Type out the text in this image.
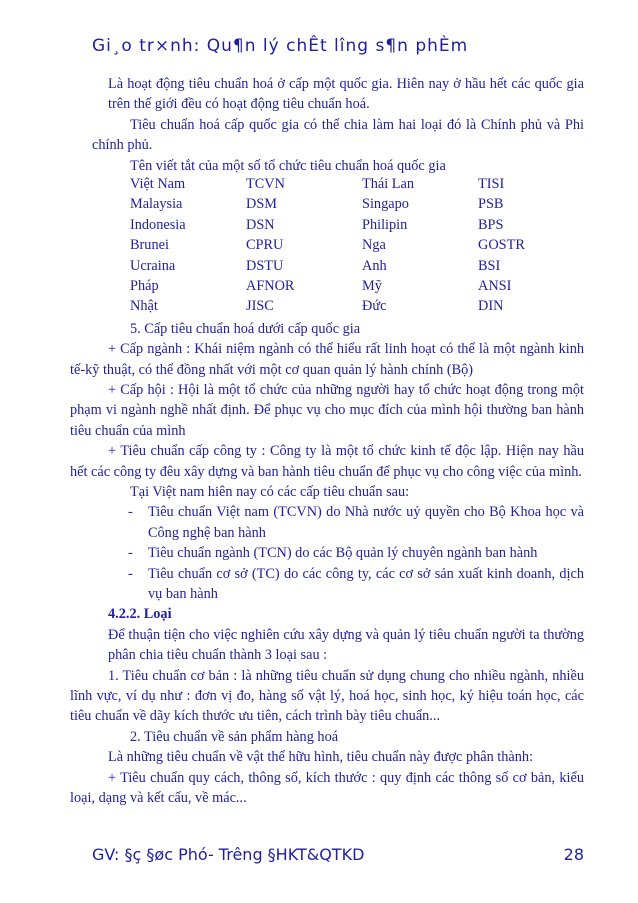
Gi¸o tr×nh: Qu¶n lý chÊt lîng s¶n phÈm

Là hoạt động tiêu chuẩn hoá ở cấp một quốc gia. Hiên nay ở hầu hết các quốc gia trên thế giới đều có hoạt động tiêu chuẩn hoá.

Tiêu chuẩn hoá cấp quốc gia có thể chia làm hai loại đó là Chính phủ và Phi chính phủ.

Tên viết tắt của một số tổ chức tiêu chuẩn hoá quốc gia

Việt Nam	TCVN	Thái Lan	TISI
Malaysia	DSM	Singapo	PSB
Indonesia	DSN	Philipin	BPS
Brunei	CPRU	Nga	GOSTR
Ucraina	DSTU	Anh	BSI
Pháp	AFNOR	Mỹ	ANSI
Nhật	JISC	Đức	DIN

5. Cấp tiêu chuẩn hoá dưới cấp quốc gia

+ Cấp ngành : Khái niệm ngành có thể hiểu rất linh hoạt có thể là một ngành kinh tế-kỹ thuật, có thể đồng nhất với một cơ quan quản lý hành chính (Bộ)

+ Cấp hội : Hội là một tổ chức của những người hay tổ chức hoạt động trong một phạm vi ngành nghề nhất định. Để phục vụ cho mục đích của mình hội thường ban hành tiêu chuẩn của mình

+ Tiêu chuẩn cấp công ty : Công ty là một tổ chức kinh tế độc lập. Hiện nay hầu hết các công ty đêu xây dựng và ban hành tiêu chuẩn để phục vụ cho công việc của mình.

Tại Việt nam hiên nay có các cấp tiêu chuẩn sau:

- Tiêu chuẩn Việt nam (TCVN) do Nhà nước uỷ quyền cho Bộ Khoa học và Công nghệ ban hành
- Tiêu chuẩn ngành (TCN) do các Bộ quản lý chuyên ngành ban hành
- Tiêu chuẩn cơ sở (TC) do các công ty, các cơ sở sản xuất kinh doanh, dịch vụ ban hành

4.2.2. Loại

Để thuận tiện cho việc nghiên cứu xây dựng và quản lý tiêu chuẩn người ta thường phân chia tiêu chuẩn thành 3 loại sau :

1. Tiêu chuẩn cơ bản : là những tiêu chuẩn sử dụng chung cho nhiều ngành, nhiều lĩnh vực, ví dụ như : đơn vị đo, hàng số vật lý, hoá học, sinh học, ký hiệu toán học, các tiêu chuẩn về dãy kích thước ưu tiên, cách trình bày tiêu chuẩn...

2. Tiêu chuẩn về sản phẩm hàng hoá

Là những tiêu chuẩn về vật thể hữu hình, tiêu chuẩn này được phân thành:

+ Tiêu chuẩn quy cách, thông số, kích thước : quy định các thông số cơ bản, kiểu loại, dạng và kết cấu, về mác...

GV: §ç §øc Phó- Trêng §HKT&QTKD	28
